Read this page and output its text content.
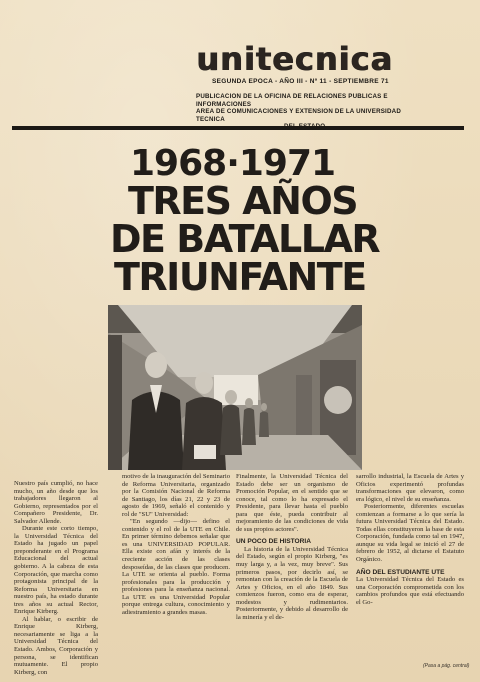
unitecnica
SEGUNDA EPOCA - AÑO III - Nº 11 - SEPTIEMBRE 71
PUBLICACION DE LA OFICINA DE RELACIONES PUBLICAS E INFORMACIONES
AREA DE COMUNICACIONES Y EXTENSION DE LA UNIVERSIDAD TECNICA
1968·1971
TRES AÑOS
DE BATALLAR
TRIUNFANTE

Nuestro país cumplió, no hace mucho, un año desde que los trabajadores llegaron al Gobierno, representados por el Compañero Presidente, Dr. Salvador Allende.

Durante este corto tiempo, la Universidad Técnica del Estado ha jugado un papel preponderante en el Programa Educacional del actual gobierno. A la cabeza de esta Corporación, que marcha como protagonista principal de la Reforma Universitaria en nuestro país, ha estado durante tres años su actual Rector, Enrique Kirberg.

Al hablar, o escribir de Enrique Kirberg, necesariamente se liga a la Universidad Técnica del Estado. Ambos, Corporación y persona, se identifican mutuamente. El propio Kirberg, con

motivo de la inauguración del Seminario de Reforma Universitaria, organizado por la Comisión Nacional de Reforma de Santiago, los días 21, 22 y 23 de agosto de 1969, señaló el contenido y rol de "SU" Universidad:

"En segundo —dijo— defino el contenido y el rol de la UTE en Chile. En primer término debemos señalar que es una UNIVERSIDAD POPULAR. Ella existe con afán y interés de la creciente acción de las clases desposeídas, de las clases que producen. La UTE se orienta al pueblo. Forma profesionales para la producción y profesiones para la enseñanza nacional. La UTE es una Universidad Popular porque entrega cultura, conocimiento y adiestramiento a grandes masas.

Finalmente, la Universidad Técnica del Estado debe ser un organismo de Promoción Popular, en el sentido que se conoce, tal como lo ha expresado el Presidente, para llevar hasta el pueblo para que éste, pueda contribuir al mejoramiento de las condiciones de vida de sus propios actores".

UN POCO DE HISTORIA

La historia de la Universidad Técnica del Estado, según el propio Kirberg, "es muy larga y, a la vez, muy breve". Sus primeros pasos, por decirlo así, se remontan con la creación de la Escuela de Artes y Oficios, en el año 1849. Sus comienzos fueron, como era de esperar, modestos y rudimentarios. Posteriormente, y debido al desarrollo de la minería y el de-

sarrollo industrial, la Escuela de Artes y Oficios experimentó profundas transformaciones que elevaron, como era lógico, el nivel de su enseñanza.

Posteriormente, diferentes escuelas comienzan a formarse a lo que sería la futura Universidad Técnica del Estado. Todas ellas constituyeron la base de esta Corporación, fundada como tal en 1947, aunque su vida legal se inició el 27 de febrero de 1952, al dictarse el Estatuto Orgánico.

AÑO DEL ESTUDIANTE UTE

La Universidad Técnica del Estado es una Corporación comprometida con los cambios profundos que está efectuando el Go-

(Pasa a pág. central)
